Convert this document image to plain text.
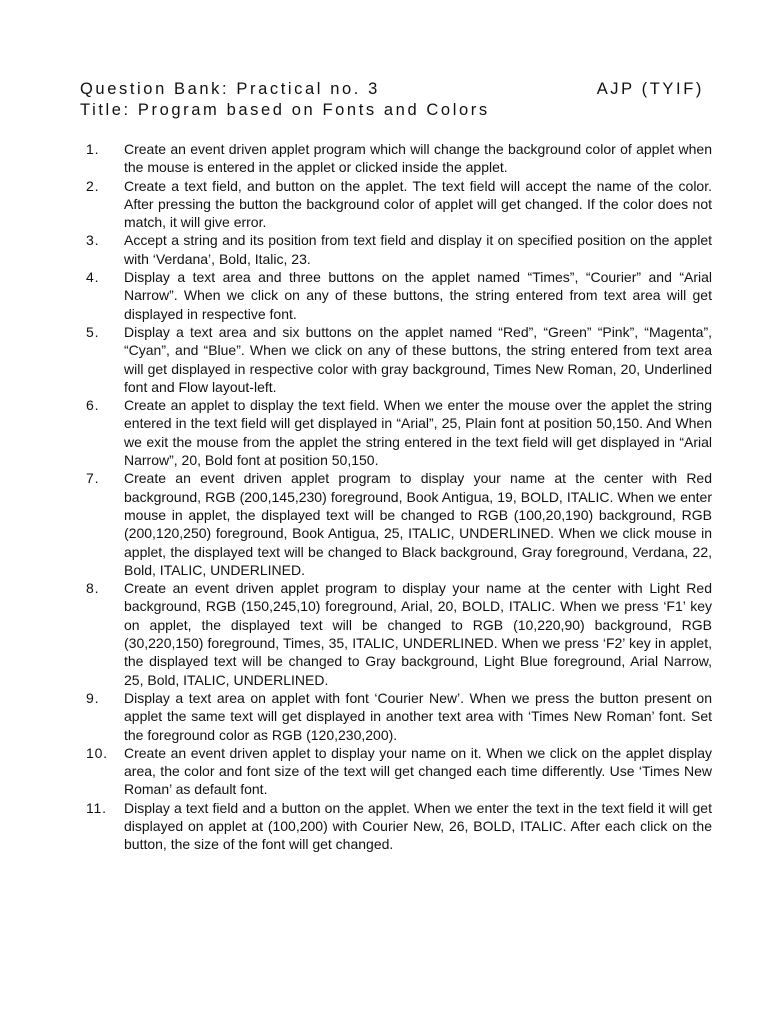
Question Bank: Practical no. 3	AJP (TYIF)
Title: Program based on Fonts and Colors
1.	Create an event driven applet program which will change the background color of applet when the mouse is entered in the applet or clicked inside the applet.
2.	Create a text field, and button on the applet. The text field will accept the name of the color. After pressing the button the background color of applet will get changed. If the color does not match, it will give error.
3.	Accept a string and its position from text field and display it on specified position on the applet with ‘Verdana’, Bold, Italic, 23.
4.	Display a text area and three buttons on the applet named “Times”, “Courier” and “Arial Narrow”. When we click on any of these buttons, the string entered from text area will get displayed in respective font.
5.	Display a text area and six buttons on the applet named “Red”, “Green” “Pink”, “Magenta”, “Cyan”, and “Blue”. When we click on any of these buttons, the string entered from text area will get displayed in respective color with gray background, Times New Roman, 20, Underlined font and Flow layout-left.
6.	Create an applet to display the text field. When we enter the mouse over the applet the string entered in the text field will get displayed in “Arial”, 25, Plain font at position 50,150. And When we exit the mouse from the applet the string entered in the text field will get displayed in “Arial Narrow”, 20, Bold font at position 50,150.
7.	Create an event driven applet program to display your name at the center with Red background, RGB (200,145,230) foreground, Book Antigua, 19, BOLD, ITALIC. When we enter mouse in applet, the displayed text will be changed to RGB (100,20,190) background, RGB (200,120,250) foreground, Book Antigua, 25, ITALIC, UNDERLINED. When we click mouse in applet, the displayed text will be changed to Black background, Gray foreground, Verdana, 22, Bold, ITALIC, UNDERLINED.
8.	Create an event driven applet program to display your name at the center with Light Red background, RGB (150,245,10) foreground, Arial, 20, BOLD, ITALIC. When we press ‘F1’ key on applet, the displayed text will be changed to RGB (10,220,90) background, RGB (30,220,150) foreground, Times, 35, ITALIC, UNDERLINED. When we press ‘F2’ key in applet, the displayed text will be changed to Gray background, Light Blue foreground, Arial Narrow, 25, Bold, ITALIC, UNDERLINED.
9.	Display a text area on applet with font ‘Courier New’. When we press the button present on applet the same text will get displayed in another text area with ‘Times New Roman’ font. Set the foreground color as RGB (120,230,200).
10.	Create an event driven applet to display your name on it. When we click on the applet display area, the color and font size of the text will get changed each time differently. Use ‘Times New Roman’ as default font.
11.	Display a text field and a button on the applet. When we enter the text in the text field it will get displayed on applet at (100,200) with Courier New, 26, BOLD, ITALIC. After each click on the button, the size of the font will get changed.
